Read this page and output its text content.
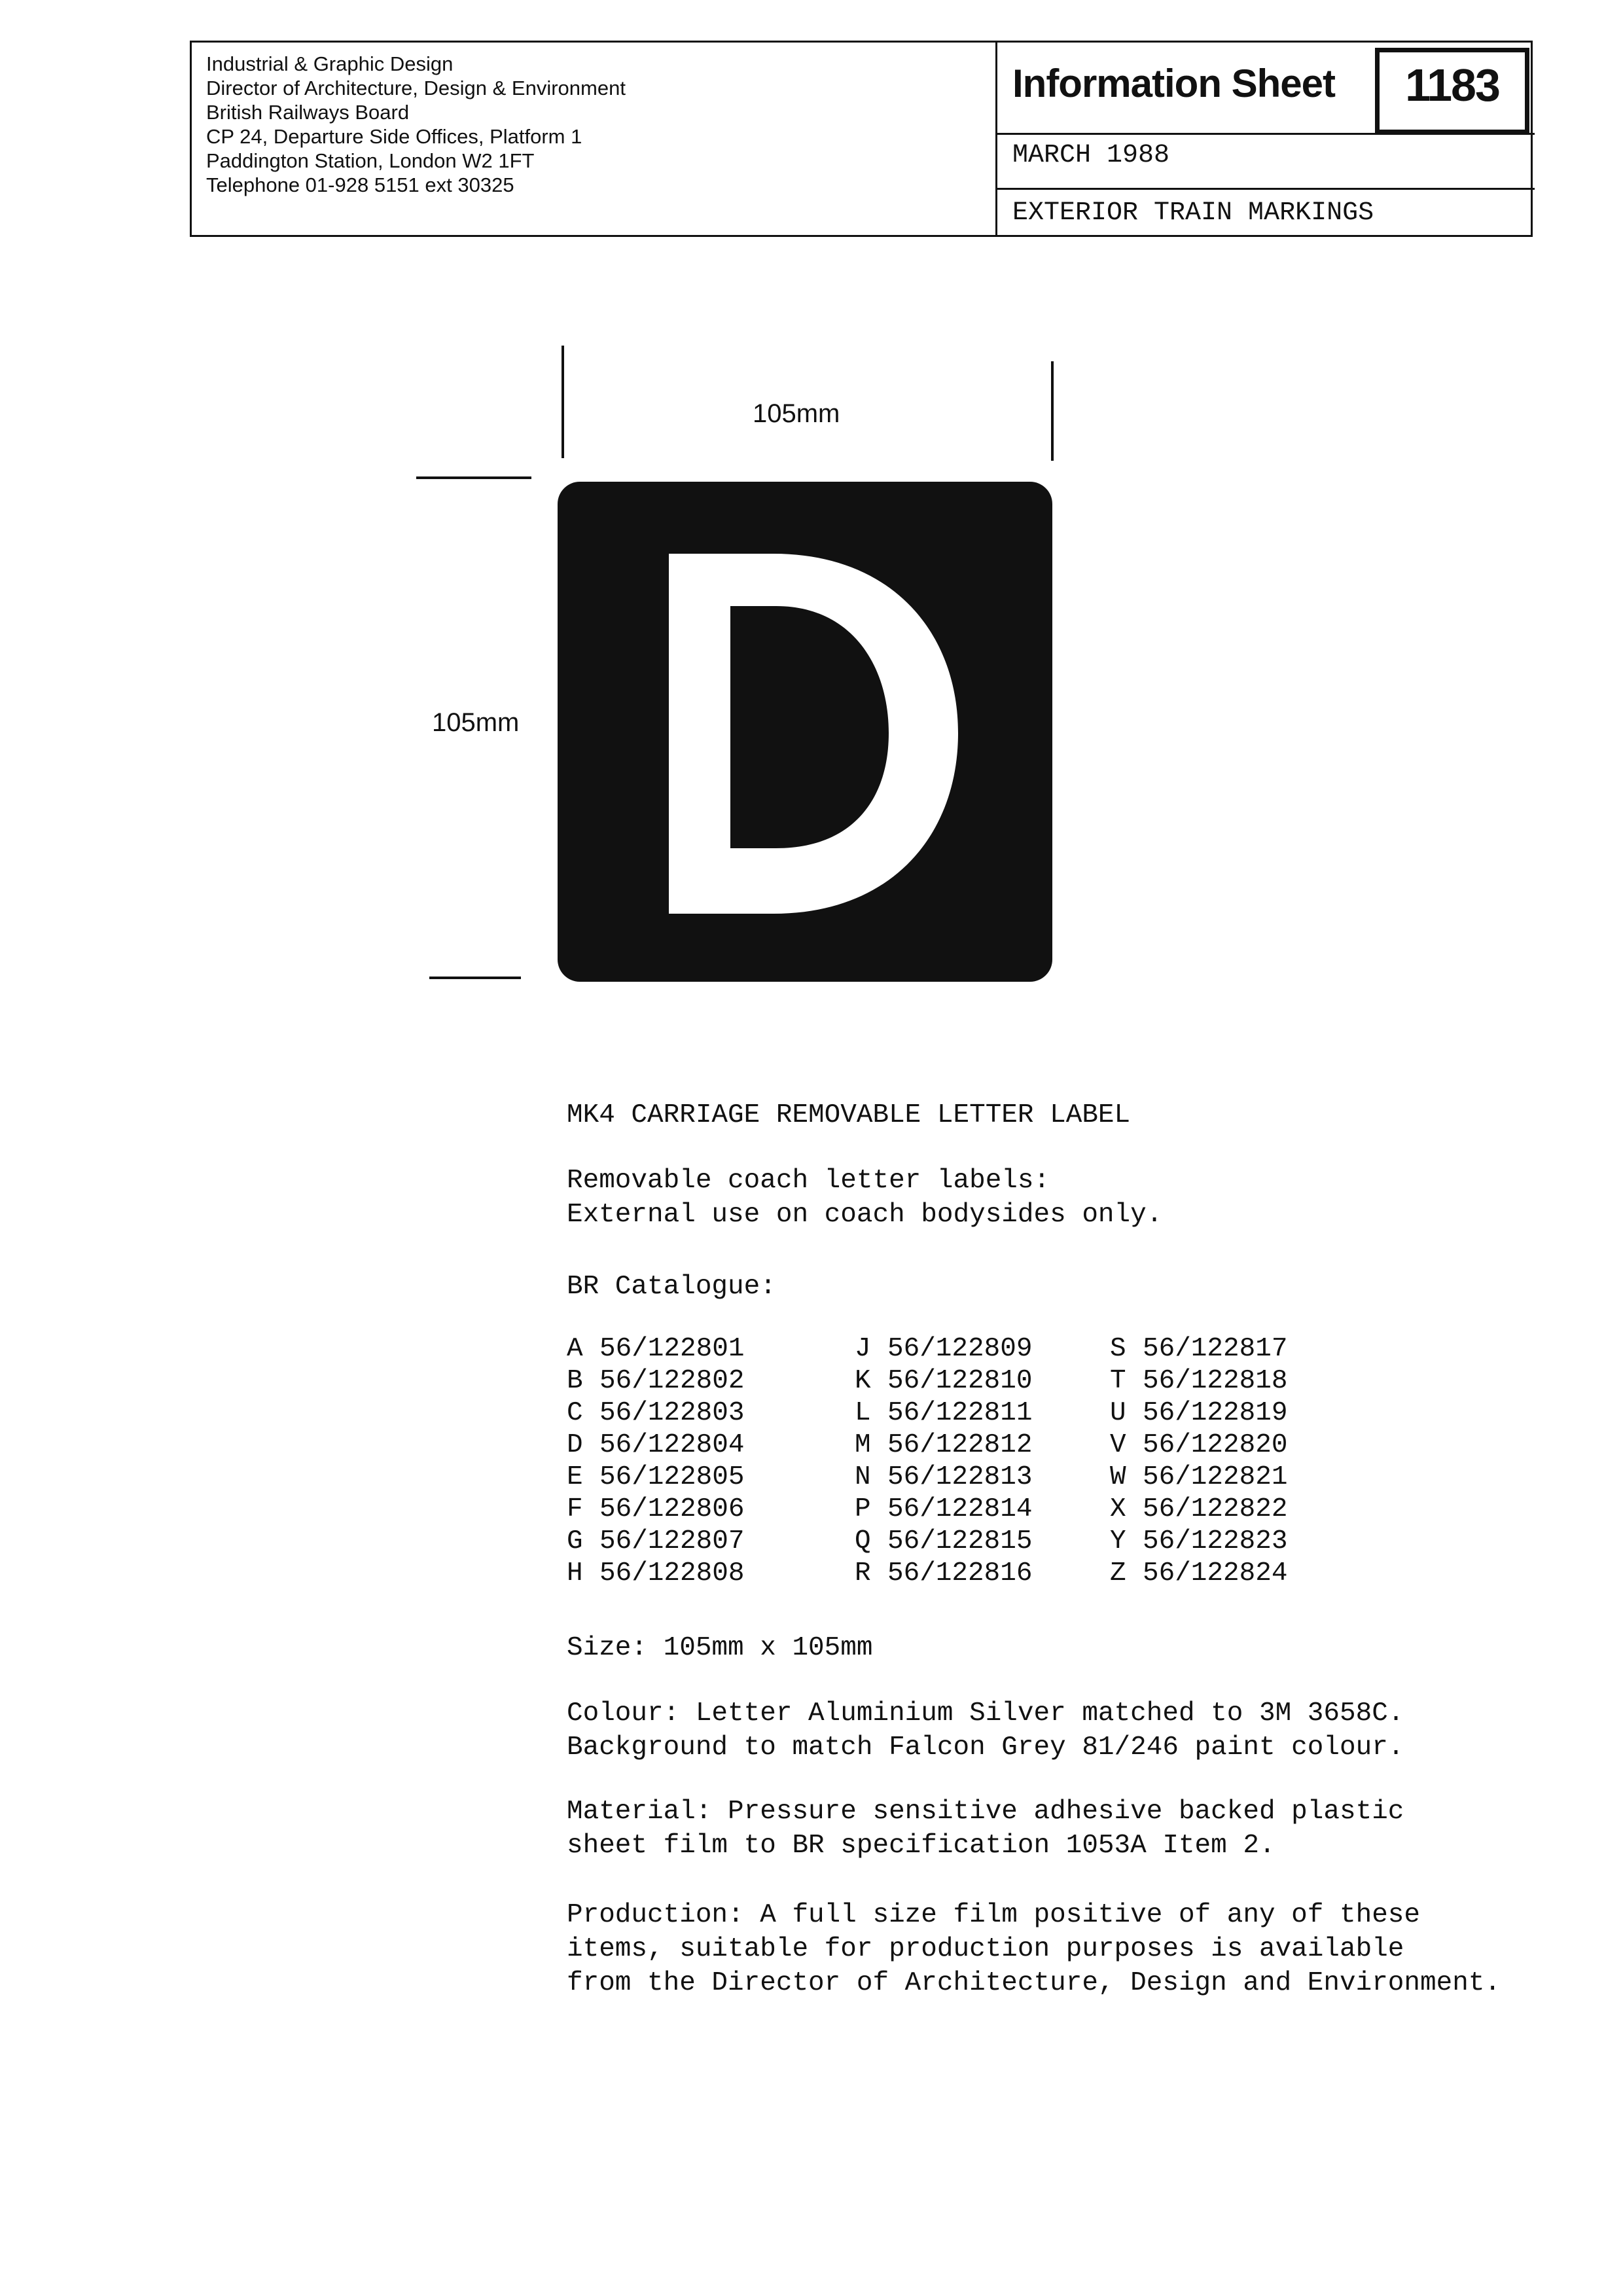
Industrial & Graphic Design
Director of Architecture, Design & Environment
British Railways Board
CP 24, Departure Side Offices, Platform 1
Paddington Station, London W2 1FT
Telephone 01-928 5151 ext 30325
Information Sheet	1183
MARCH 1988
EXTERIOR TRAIN MARKINGS
105mm
105mm
MK4 CARRIAGE REMOVABLE LETTER LABEL
Removable coach letter labels:
External use on coach bodysides only.
BR Catalogue:
A 56/122801
B 56/122802
C 56/122803
D 56/122804
E 56/122805
F 56/122806
G 56/122807
H 56/122808
J 56/122809
K 56/122810
L 56/122811
M 56/122812
N 56/122813
P 56/122814
Q 56/122815
R 56/122816
S 56/122817
T 56/122818
U 56/122819
V 56/122820
W 56/122821
X 56/122822
Y 56/122823
Z 56/122824
Size: 105mm x 105mm
Colour: Letter Aluminium Silver matched to 3M 3658C.
Background to match Falcon Grey 81/246 paint colour.
Material: Pressure sensitive adhesive backed plastic
sheet film to BR specification 1053A Item 2.
Production: A full size film positive of any of these
items, suitable for production purposes is available
from the Director of Architecture, Design and Environment.
